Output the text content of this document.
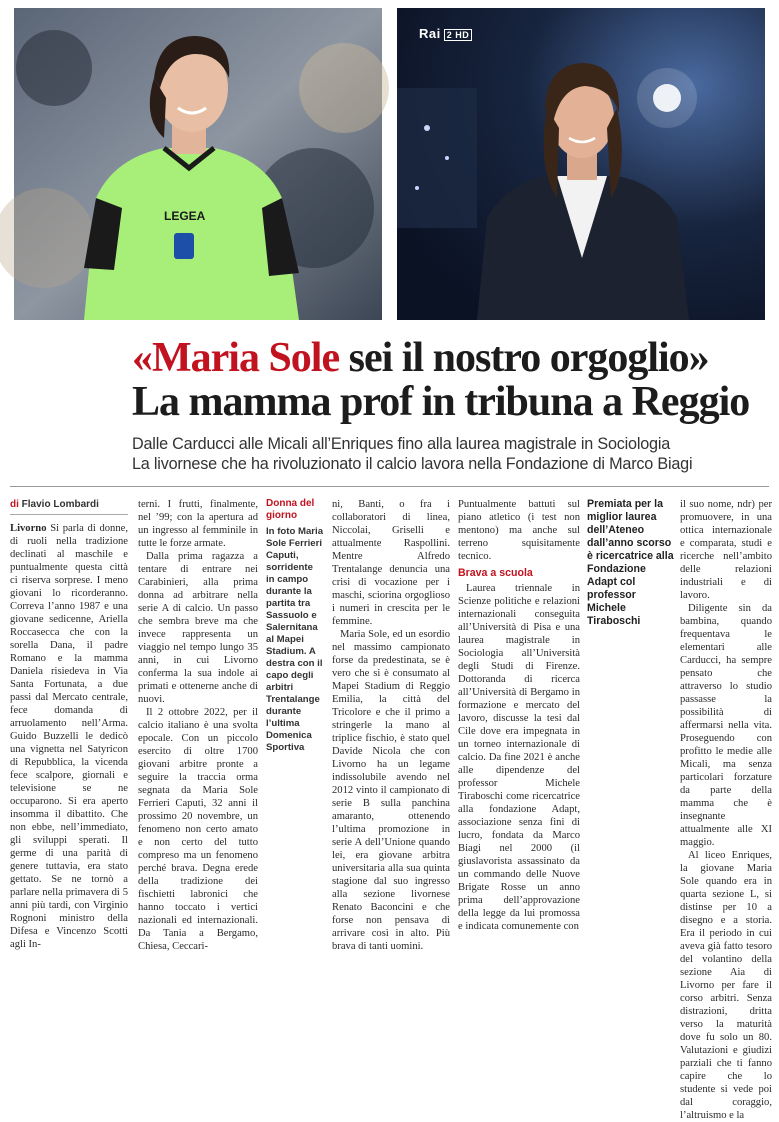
LEGEA
Rai 2 HD
«Maria Sole sei il nostro orgoglio»
La mamma prof in tribuna a Reggio
Dalle Carducci alle Micali all’Enriques fino alla laurea magistrale in Sociologia
La livornese che ha rivoluzionato il calcio lavora nella Fondazione di Marco Biagi
di Flavio Lombardi

Livorno Si parla di donne, di ruoli nella tradizione declinati al maschile e puntualmente questa città ci riserva sorprese. I meno giovani lo ricorderanno. Correva l’anno 1987 e una giovane sedicenne, Ariella Roccasecca che con la sorella Dana, il padre Romano e la mamma Daniela risiedeva in Via Santa Fortunata, a due passi dal Mercato centrale, fece domanda di arruolamento nell’Arma. Guido Buzzelli le dedicò una vignetta nel Satyricon di Repubblica, la vicenda fece scalpore, giornali e televisione se ne occuparono. Si era aperto insomma il dibattito. Che non ebbe, nell’immediato, gli sviluppi sperati. Il germe di una parità di genere tuttavia, era stato gettato. Se ne tornò a parlare nella primavera di 5 anni più tardi, con Virginio Rognoni ministro della Difesa e Vincenzo Scotti agli In-

terni. I frutti, finalmente, nel ’99; con la apertura ad un ingresso al femminile in tutte le forze armate.

Dalla prima ragazza a tentare di entrare nei Carabinieri, alla prima donna ad arbitrare nella serie A di calcio. Un passo che sembra breve ma che invece rappresenta un viaggio nel tempo lungo 35 anni, in cui Livorno conferma la sua indole ai primati e ottenerne anche di nuovi.

Il 2 ottobre 2022, per il calcio italiano è una svolta epocale. Con un piccolo esercito di oltre 1700 giovani arbitre pronte a seguire la traccia orma segnata da Maria Sole Ferrieri Caputi, 32 anni il prossimo 20 novembre, un fenomeno non certo amato e non certo del tutto compreso ma un fenomeno perché brava. Degna erede della tradizione dei fischietti labronici che hanno toccato i vertici nazionali ed internazionali. Da Tania a Bergamo, Chiesa, Ceccari-

Donna del giorno
In foto Maria Sole Ferrieri Caputi, sorridente in campo durante la partita tra Sassuolo e Salernitana al Mapei Stadium. A destra con il capo degli arbitri Trentalange durante l’ultima Domenica Sportiva

ni, Banti, o fra i collaboratori di linea, Niccolai, Griselli e attualmente Raspollini. Mentre Alfredo Trentalange denuncia una crisi di vocazione per i maschi, sciorina orgoglioso i numeri in crescita per le femmine.

Maria Sole, ed un esordio nel massimo campionato forse da predestinata, se è vero che si è consumato al Mapei Stadium di Reggio Emilia, la città del Tricolore e che il primo a stringerle la mano al triplice fischio, è stato quel Davide Nicola che con Livorno ha un legame indissolubile avendo nel 2012 vinto il campionato di serie B sulla panchina amaranto, ottenendo l’ultima promozione in serie A dell’Unione quando lei, era giovane arbitra universitaria alla sua quinta stagione dal suo ingresso alla sezione livornese Renato Baconcini e che forse non pensava di arrivare così in alto. Più brava di tanti uomini.

Puntualmente battuti sul piano atletico (i test non mentono) ma anche sul terreno squisitamente tecnico.

Brava a scuola

Laurea triennale in Scienze politiche e relazioni internazionali conseguita all’Università di Pisa e una laurea magistrale in Sociologia all’Università degli Studi di Firenze. Dottoranda di ricerca all’Università di Bergamo in formazione e mercato del lavoro, discusse la tesi dal Cile dove era impegnata in un torneo internazionale di calcio. Da fine 2021 è anche alle dipendenze del professor Michele Tiraboschi come ricercatrice alla fondazione Adapt, associazione senza fini di lucro, fondata da Marco Biagi nel 2000 (il giuslavorista assassinato da un commando delle Nuove Brigate Rosse un anno prima dell’approvazione della legge da lui promossa e indicata comunemente con

Premiata per la miglior laurea dell’Ateneo dall’anno scorso è ricercatrice alla Fondazione Adapt col professor Michele Tiraboschi

il suo nome, ndr) per promuovere, in una ottica internazionale e comparata, studi e ricerche nell’ambito delle relazioni industriali e di lavoro.

Diligente sin da bambina, quando frequentava le elementari alle Carducci, ha sempre pensato che attraverso lo studio passasse la possibilità di affermarsi nella vita. Proseguendo con profitto le medie alle Micali, ma senza particolari forzature da parte della mamma che è insegnante attualmente alle XI maggio.

Al liceo Enriques, la giovane Maria Sole quando era in quarta sezione L, si distinse per 10 a disegno e a storia. Era il periodo in cui aveva già fatto tesoro del volantino della sezione Aia di Livorno per fare il corso arbitri. Senza distrazioni, dritta verso la maturità dove fu solo un 80. Valutazioni e giudizi parziali che ti fanno capire che lo studente si vede poi dal coraggio, l’altruismo e la
